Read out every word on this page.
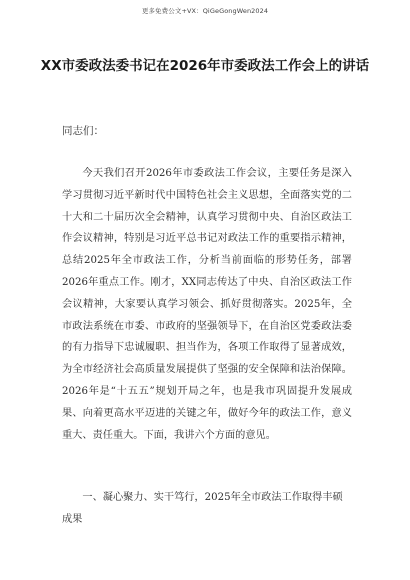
更多免费公文+VX：QiGeGongWen2024
XX市委政法委书记在2026年市委政法工作会上的讲话
同志们：

今天我们召开2026年市委政法工作会议，主要任务是深入学习贯彻习近平新时代中国特色社会主义思想，全面落实党的二十大和二十届历次全会精神，认真学习贯彻中央、自治区政法工作会议精神，特别是习近平总书记对政法工作的重要指示精神，总结2025年全市政法工作，分析当前面临的形势任务，部署2026年重点工作。刚才，XX同志传达了中央、自治区政法工作会议精神，大家要认真学习领会、抓好贯彻落实。2025年，全市政法系统在市委、市政府的坚强领导下，在自治区党委政法委的有力指导下忠诚履职、担当作为，各项工作取得了显著成效，为全市经济社会高质量发展提供了坚强的安全保障和法治保障。2026年是“十五五”规划开局之年，也是我市巩固提升发展成果、向着更高水平迈进的关键之年，做好今年的政法工作，意义重大、责任重大。下面，我讲六个方面的意见。

一、凝心聚力、实干笃行，2025年全市政法工作取得丰硕成果
